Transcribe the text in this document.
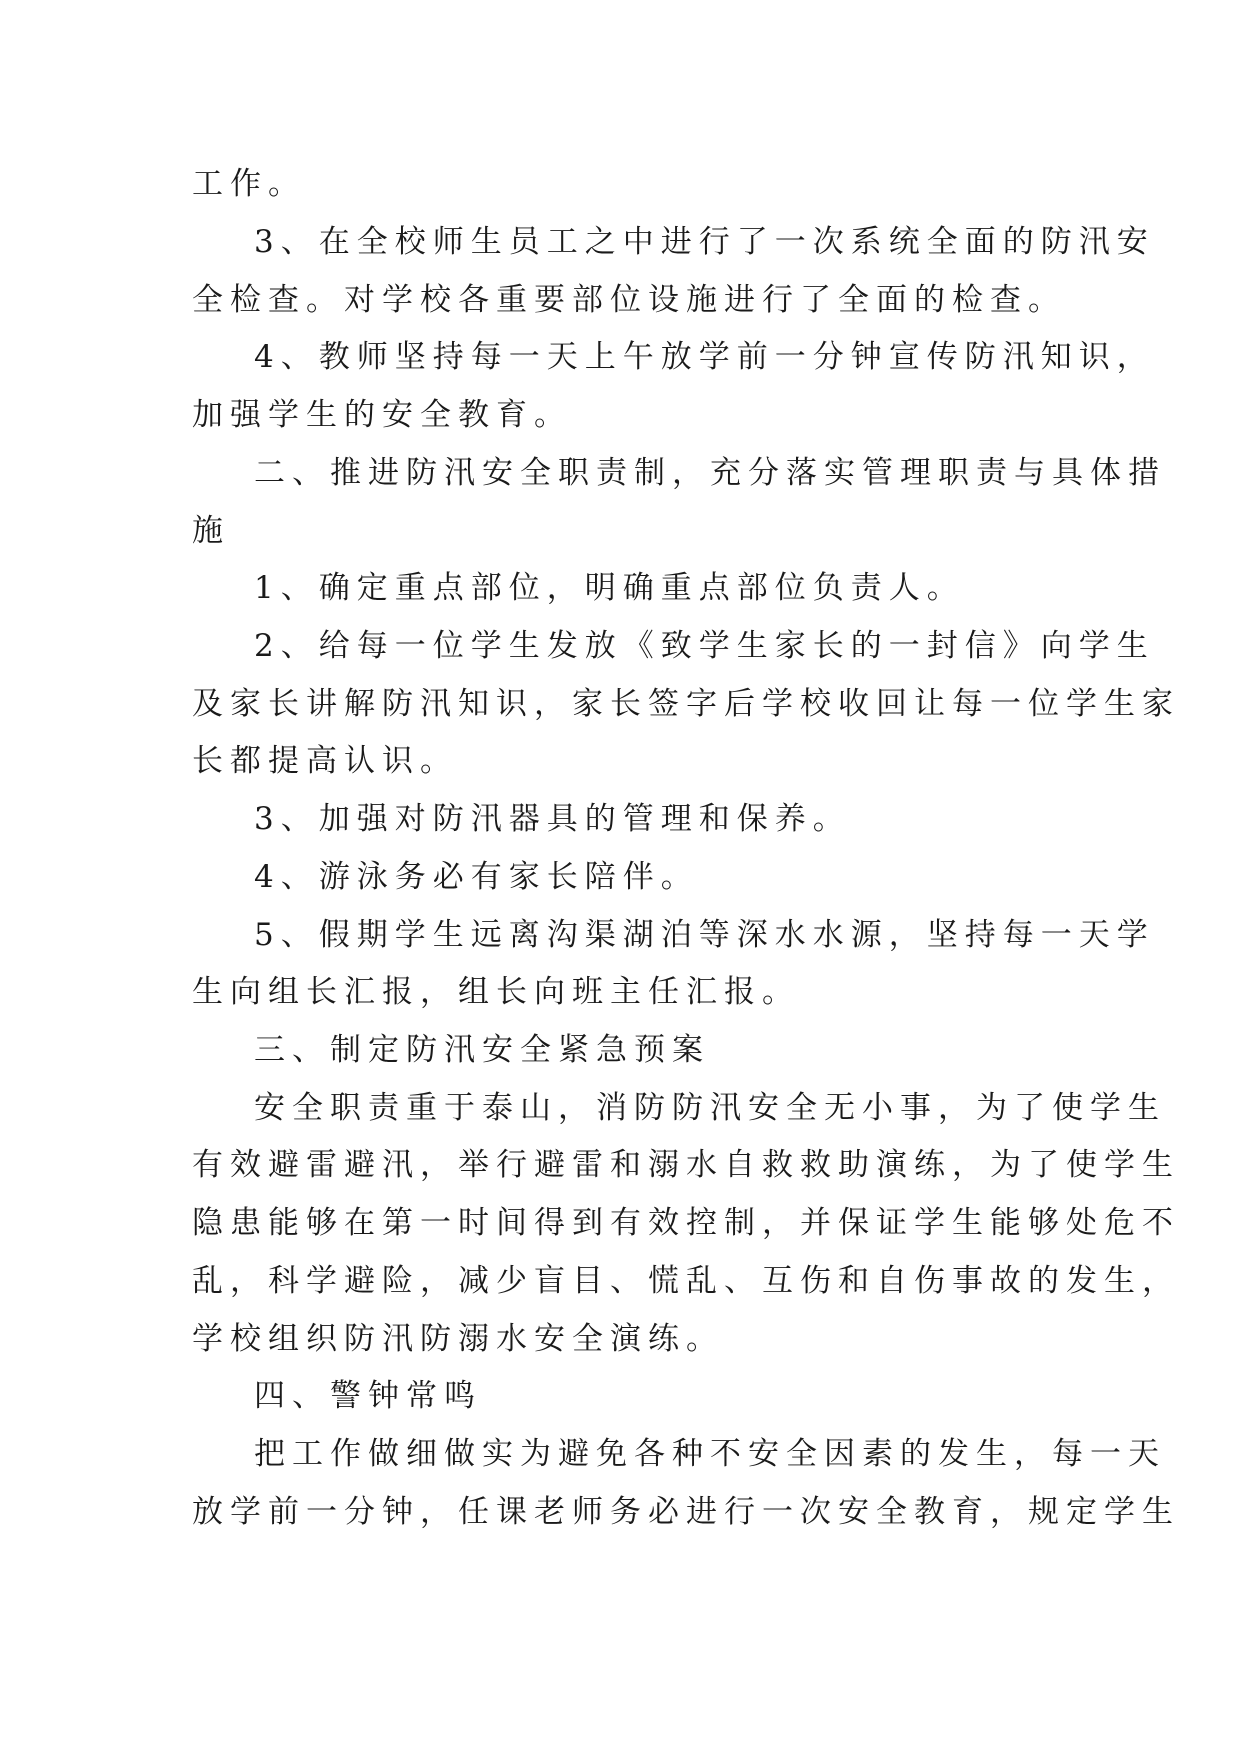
工作。
3、在全校师生员工之中进行了一次系统全面的防汛安
全检查。对学校各重要部位设施进行了全面的检查。
4、教师坚持每一天上午放学前一分钟宣传防汛知识，
加强学生的安全教育。
二、推进防汛安全职责制，充分落实管理职责与具体措
施
1、确定重点部位，明确重点部位负责人。
2、给每一位学生发放《致学生家长的一封信》向学生
及家长讲解防汛知识，家长签字后学校收回让每一位学生家
长都提高认识。
3、加强对防汛器具的管理和保养。
4、游泳务必有家长陪伴。
5、假期学生远离沟渠湖泊等深水水源，坚持每一天学
生向组长汇报，组长向班主任汇报。
三、制定防汛安全紧急预案
安全职责重于泰山，消防防汛安全无小事，为了使学生
有效避雷避汛，举行避雷和溺水自救救助演练，为了使学生
隐患能够在第一时间得到有效控制，并保证学生能够处危不
乱，科学避险，减少盲目、慌乱、互伤和自伤事故的发生，
学校组织防汛防溺水安全演练。
四、警钟常鸣
把工作做细做实为避免各种不安全因素的发生，每一天
放学前一分钟，任课老师务必进行一次安全教育，规定学生
